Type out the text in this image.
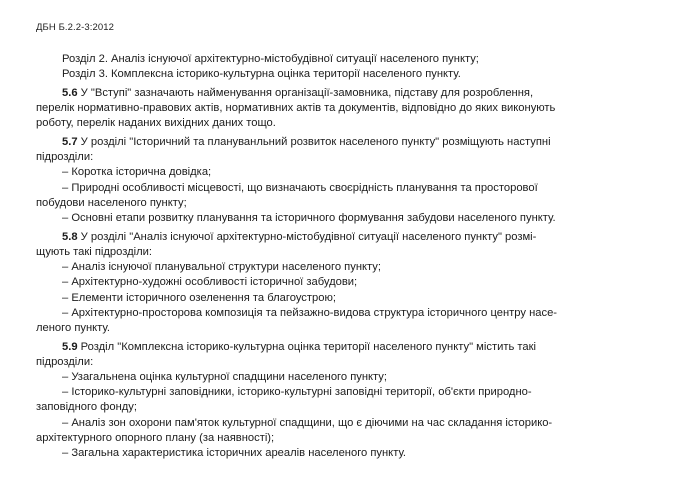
ДБН Б.2.2-3:2012
Розділ 2. Аналіз існуючої архітектурно-містобудівної ситуації населеного пункту;
Розділ 3. Комплексна історико-культурна оцінка території населеного пункту.
5.6 У "Вступі" зазначають найменування організації-замовника, підставу для розроблення,
перелік нормативно-правових актів, нормативних актів та документів, відповідно до яких виконують
роботу, перелік наданих вихідних даних тощо.
5.7 У розділі "Історичний та плануванльний розвиток населеного пункту" розміщують наступні
підрозділи:
– Коротка історична довідка;
– Природні особливості місцевості, що визначають своєрідність планування та просторової
побудови населеного пункту;
– Основні етапи розвитку планування та історичного формування забудови населеного пункту.
5.8 У розділі "Аналіз існуючої архітектурно-містобудівної ситуації населеного пункту" розмі-
щують такі підрозділи:
– Аналіз існуючої планувальної структури населеного пункту;
– Архітектурно-художні особливості історичної забудови;
– Елементи історичного озеленення та благоустрою;
– Архітектурно-просторова композиція та пейзажно-видова структура історичного центру насе-
лeного пункту.
5.9 Розділ "Комплексна історико-культурна оцінка території населеного пункту" містить такі
підрозділи:
– Узагальнена оцінка культурної спадщини населеного пункту;
– Історико-культурні заповідники, історико-культурні заповідні території, об'єкти природно-
заповідного фонду;
– Аналіз зон охорони пам'яток культурної спадщини, що є діючими на час складання історико-
архітектурного опорного плану (за наявності);
– Загальна характеристика історичних ареалів населеного пункту.
